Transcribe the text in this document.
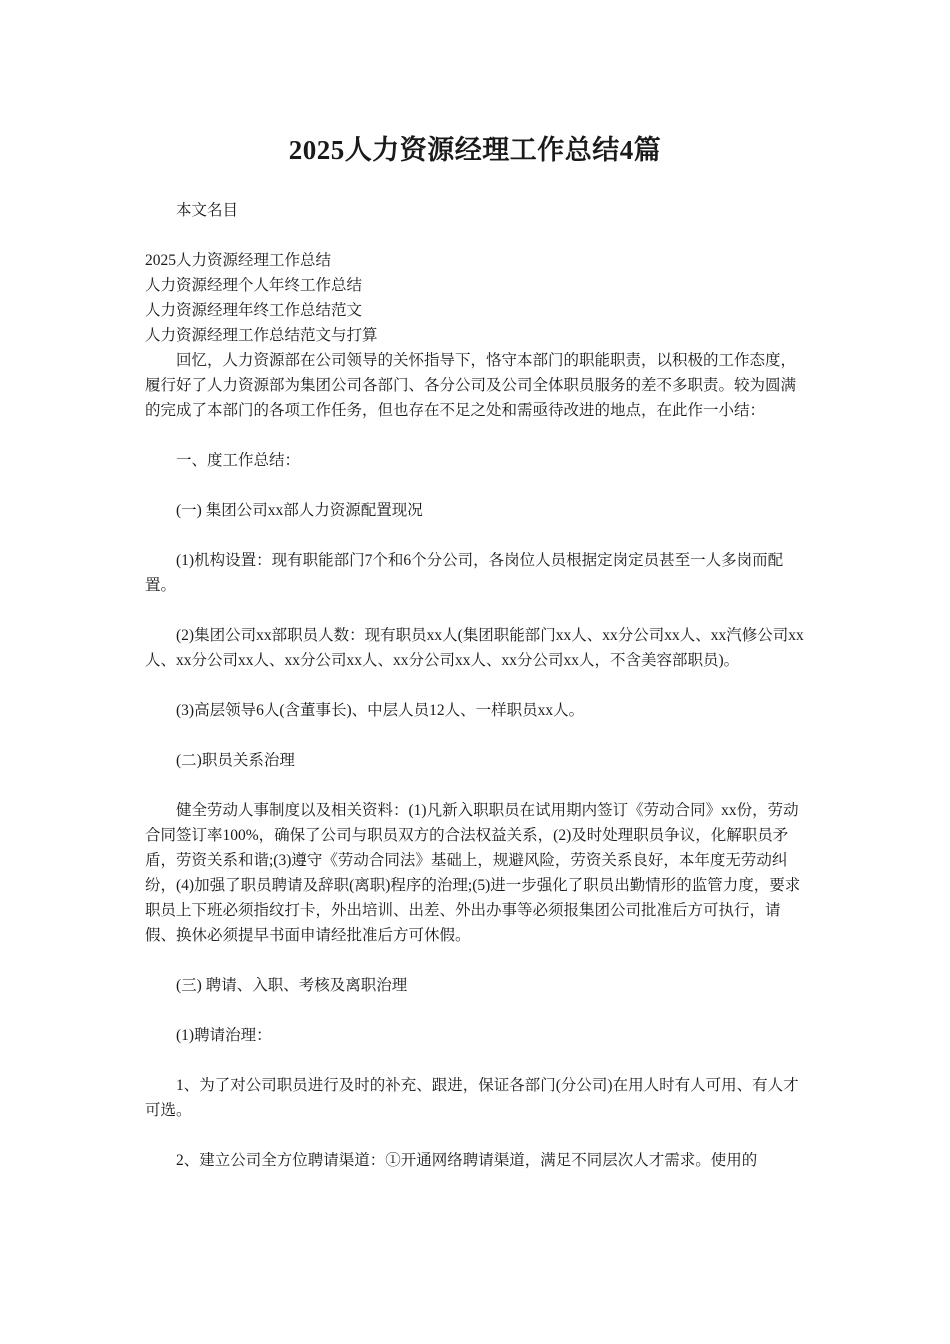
2025人力资源经理工作总结4篇

本文名目

2025人力资源经理工作总结

人力资源经理个人年终工作总结

人力资源经理年终工作总结范文

人力资源经理工作总结范文与打算

回忆，人力资源部在公司领导的关怀指导下，恪守本部门的职能职责，以积极的工作态度，履行好了人力资源部为集团公司各部门、各分公司及公司全体职员服务的差不多职责。较为圆满的完成了本部门的各项工作任务，但也存在不足之处和需亟待改进的地点，在此作一小结：

一、度工作总结：

(一) 集团公司xx部人力资源配置现况

(1)机构设置：现有职能部门7个和6个分公司，各岗位人员根据定岗定员甚至一人多岗而配置。

(2)集团公司xx部职员人数：现有职员xx人(集团职能部门xx人、xx分公司xx人、xx汽修公司xx人、xx分公司xx人、xx分公司xx人、xx分公司xx人、xx分公司xx人，不含美容部职员)。

(3)高层领导6人(含董事长)、中层人员12人、一样职员xx人。

(二)职员关系治理

健全劳动人事制度以及相关资料：(1)凡新入职职员在试用期内签订《劳动合同》xx份，劳动合同签订率100%，确保了公司与职员双方的合法权益关系，(2)及时处理职员争议，化解职员矛盾，劳资关系和谐;(3)遵守《劳动合同法》基础上，规避风险，劳资关系良好，本年度无劳动纠纷，(4)加强了职员聘请及辞职(离职)程序的治理;(5)进一步强化了职员出勤情形的监管力度，要求职员上下班必须指纹打卡，外出培训、出差、外出办事等必须报集团公司批准后方可执行，请假、换休必须提早书面申请经批准后方可休假。

(三) 聘请、入职、考核及离职治理

(1)聘请治理：

1、为了对公司职员进行及时的补充、跟进，保证各部门(分公司)在用人时有人可用、有人才可选。

2、建立公司全方位聘请渠道：①开通网络聘请渠道，满足不同层次人才需求。使用的
